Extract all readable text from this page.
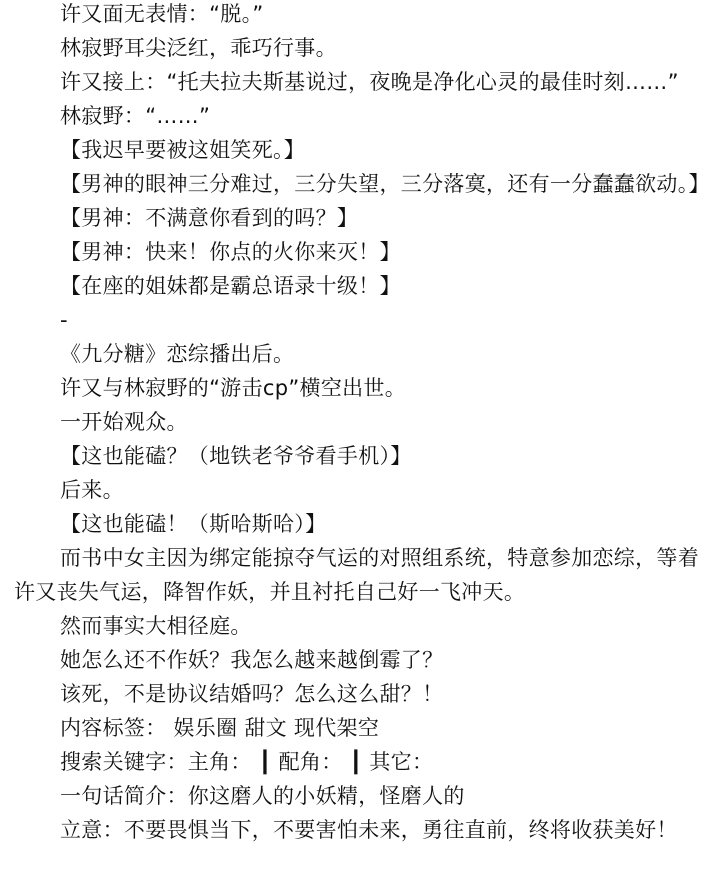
许又面无表情：“脱。”

林寂野耳尖泛红，乖巧行事。

许又接上：“托夫拉夫斯基说过，夜晚是净化心灵的最佳时刻……”

林寂野：“……”

【我迟早要被这姐笑死。】

【男神的眼神三分难过，三分失望，三分落寞，还有一分蠢蠢欲动。】

【男神：不满意你看到的吗？】

【男神：快来！你点的火你来灭！】

【在座的姐妹都是霸总语录十级！】

-

《九分糖》恋综播出后。

许又与林寂野的“游击cp”横空出世。

一开始观众。

【这也能磕？（地铁老爷爷看手机）】

后来。

【这也能磕！（斯哈斯哈）】

而书中女主因为绑定能掠夺气运的对照组系统，特意参加恋综，等着许又丧失气运，降智作妖，并且衬托自己好一飞冲天。

然而事实大相径庭。

她怎么还不作妖？我怎么越来越倒霉了？

该死，不是协议结婚吗？怎么这么甜？！

内容标签： 娱乐圈 甜文 现代架空

搜索关键字：主角： ┃ 配角： ┃ 其它：

一句话简介：你这磨人的小妖精，怪磨人的

立意：不要畏惧当下，不要害怕未来，勇往直前，终将收获美好！
